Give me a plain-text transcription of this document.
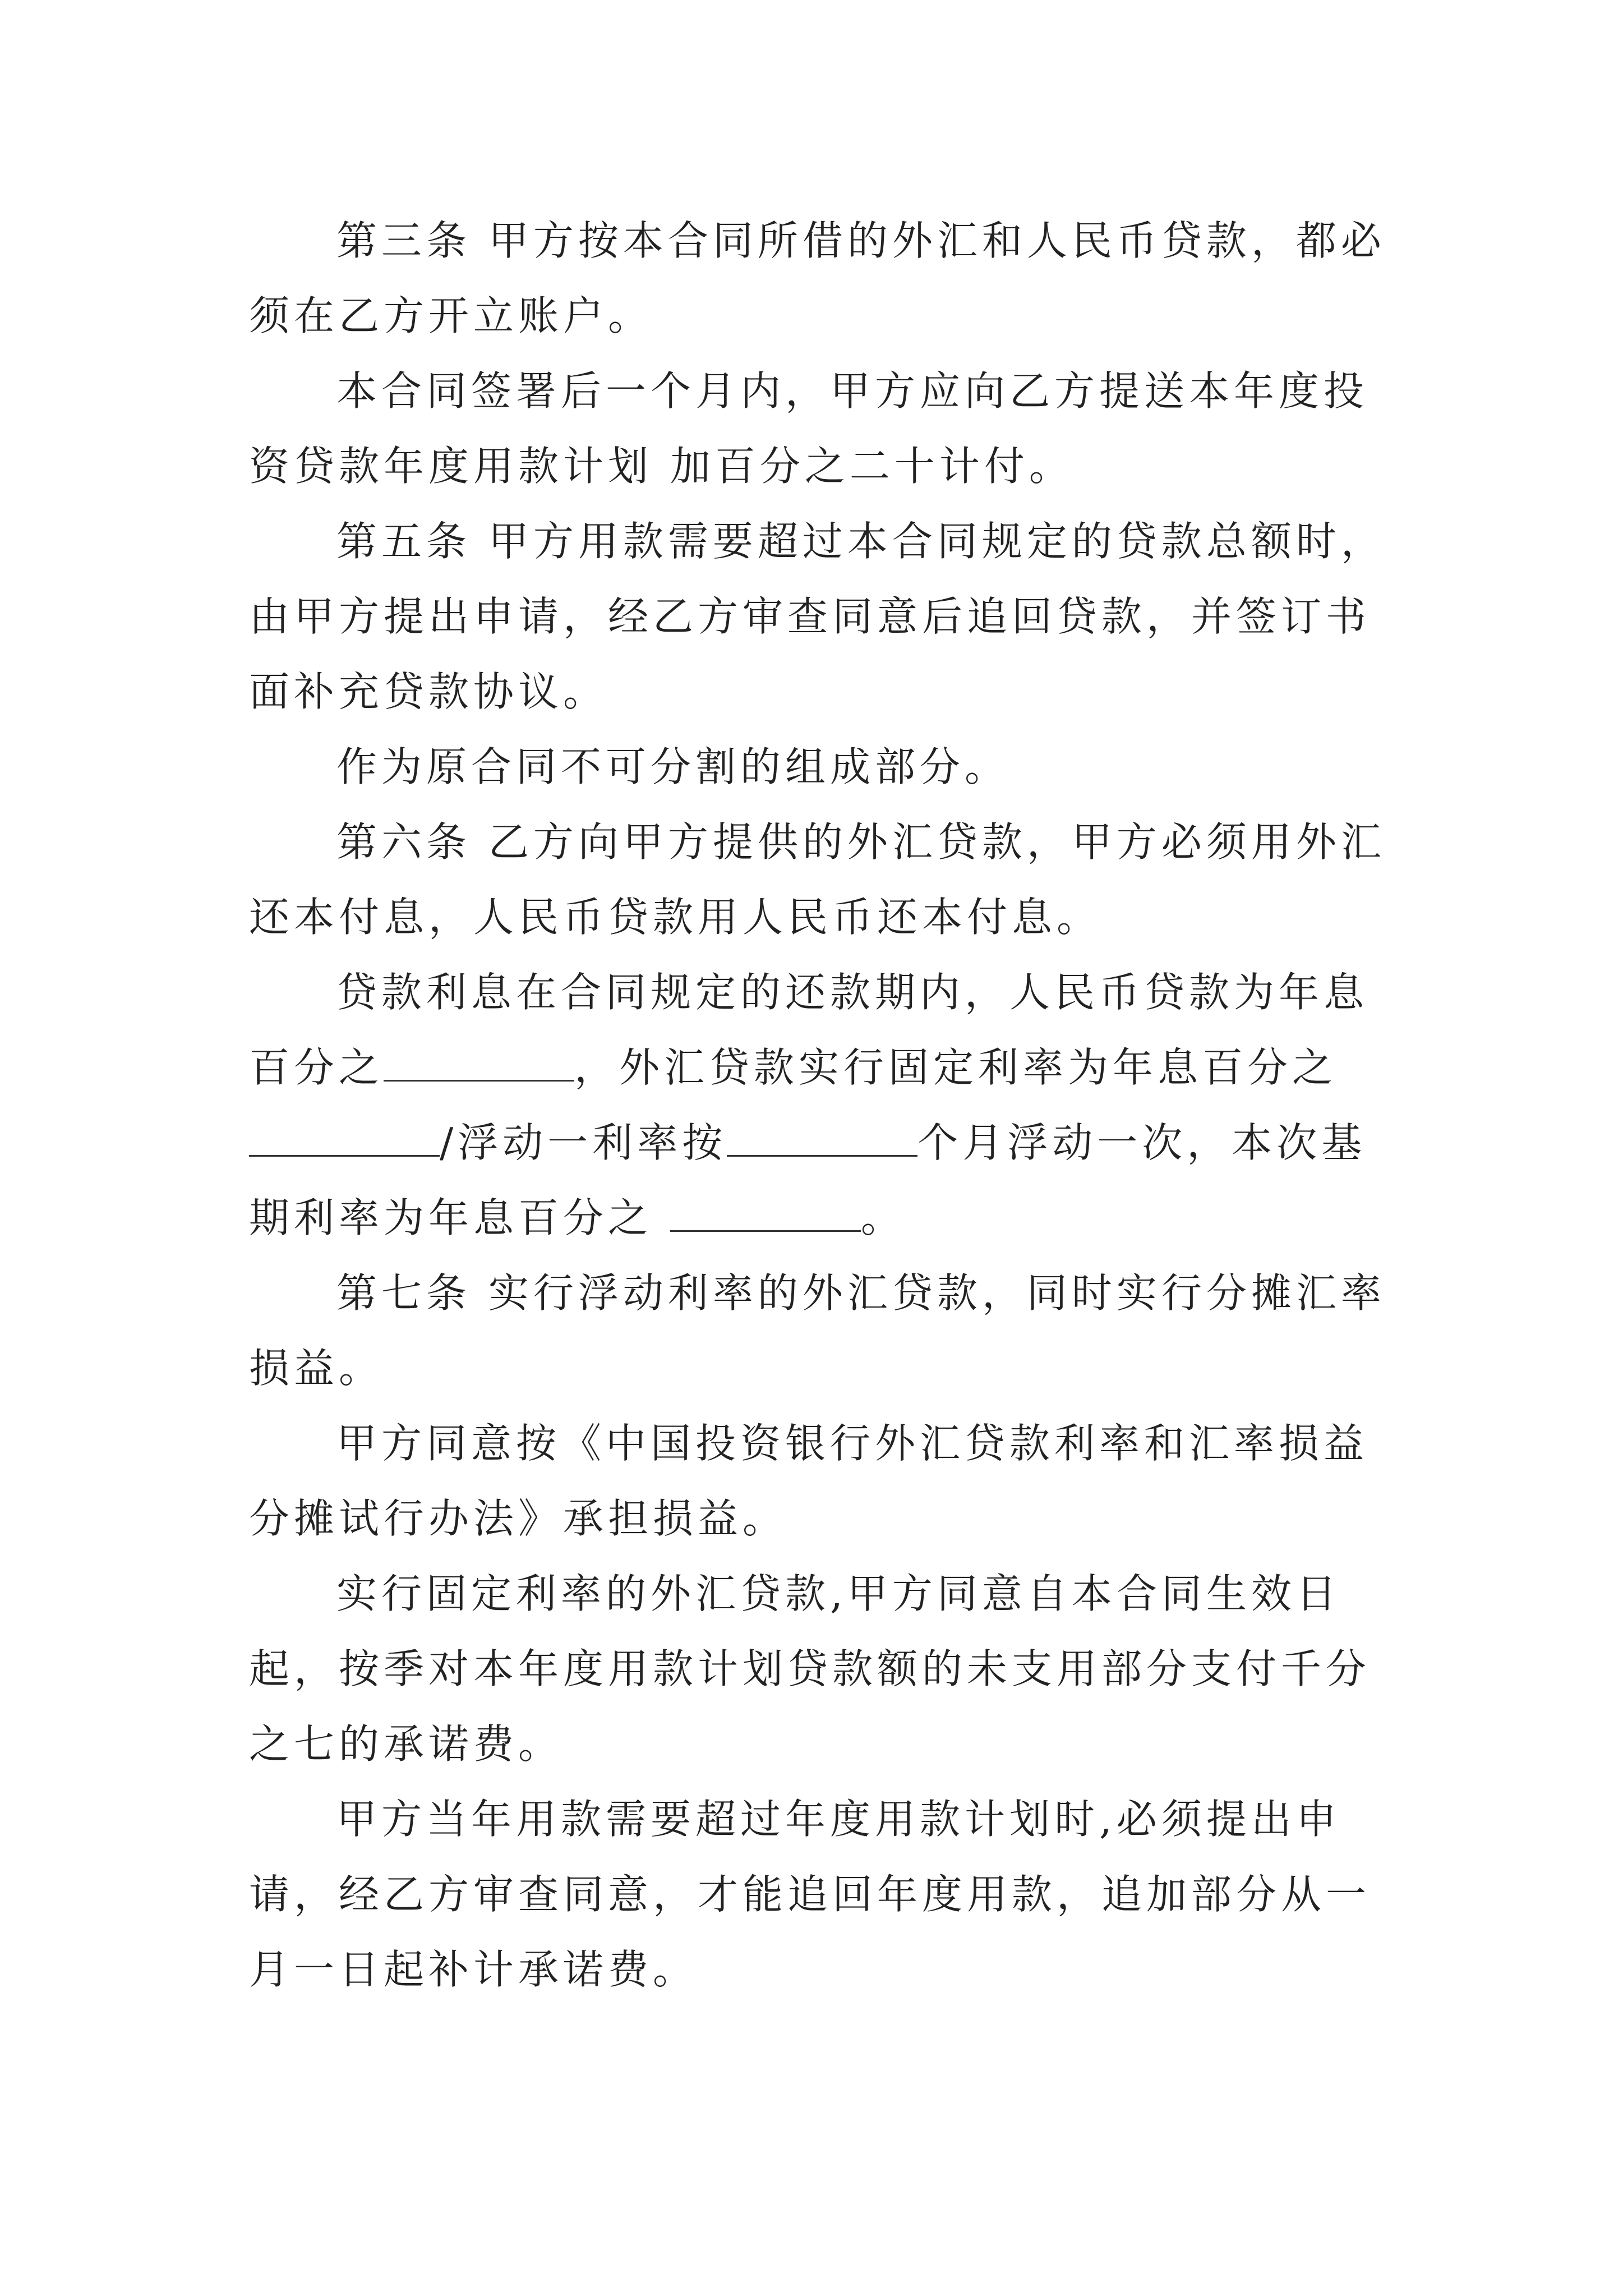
第三条 甲方按本合同所借的外汇和人民币贷款，都必须在乙方开立账户。

本合同签署后一个月内，甲方应向乙方提送本年度投资贷款年度用款计划 加百分之二十计付。

第五条 甲方用款需要超过本合同规定的贷款总额时，由甲方提出申请，经乙方审查同意后追回贷款，并签订书面补充贷款协议。

作为原合同不可分割的组成部分。

第六条 乙方向甲方提供的外汇贷款，甲方必须用外汇还本付息，人民币贷款用人民币还本付息。

贷款利息在合同规定的还款期内，人民币贷款为年息百分之	，外汇贷款实行固定利率为年息百分之/浮动一利率按	个月浮动一次，本次基期利率为年息百分之	。

第七条 实行浮动利率的外汇贷款，同时实行分摊汇率损益。

甲方同意按《中国投资银行外汇贷款利率和汇率损益分摊试行办法》承担损益。

实行固定利率的外汇贷款,甲方同意自本合同生效日起，按季对本年度用款计划贷款额的未支用部分支付千分之七的承诺费。

甲方当年用款需要超过年度用款计划时,必须提出申请，经乙方审查同意，才能追回年度用款，追加部分从一月一日起补计承诺费。
